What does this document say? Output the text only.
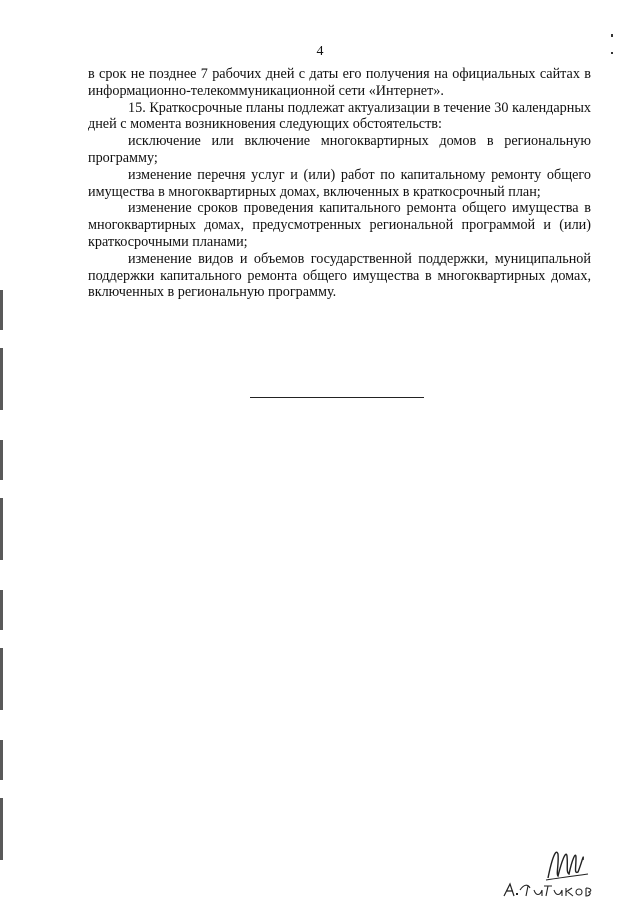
4

в срок не позднее 7 рабочих дней с даты его получения на официальных сайтах в информационно-телекоммуникационной сети «Интернет».

15. Краткосрочные планы подлежат актуализации в течение 30 календарных дней с момента возникновения следующих обстоятельств:

исключение или включение многоквартирных домов в региональную программу;

изменение перечня услуг и (или) работ по капитальному ремонту общего имущества в многоквартирных домах, включенных в краткосрочный план;

изменение сроков проведения капитального ремонта общего имущества в многоквартирных домах, предусмотренных региональной программой и (или) краткосрочными планами;

изменение видов и объемов государственной поддержки, муниципальной поддержки капитального ремонта общего имущества в многоквартирных домах, включенных в региональную программу.
